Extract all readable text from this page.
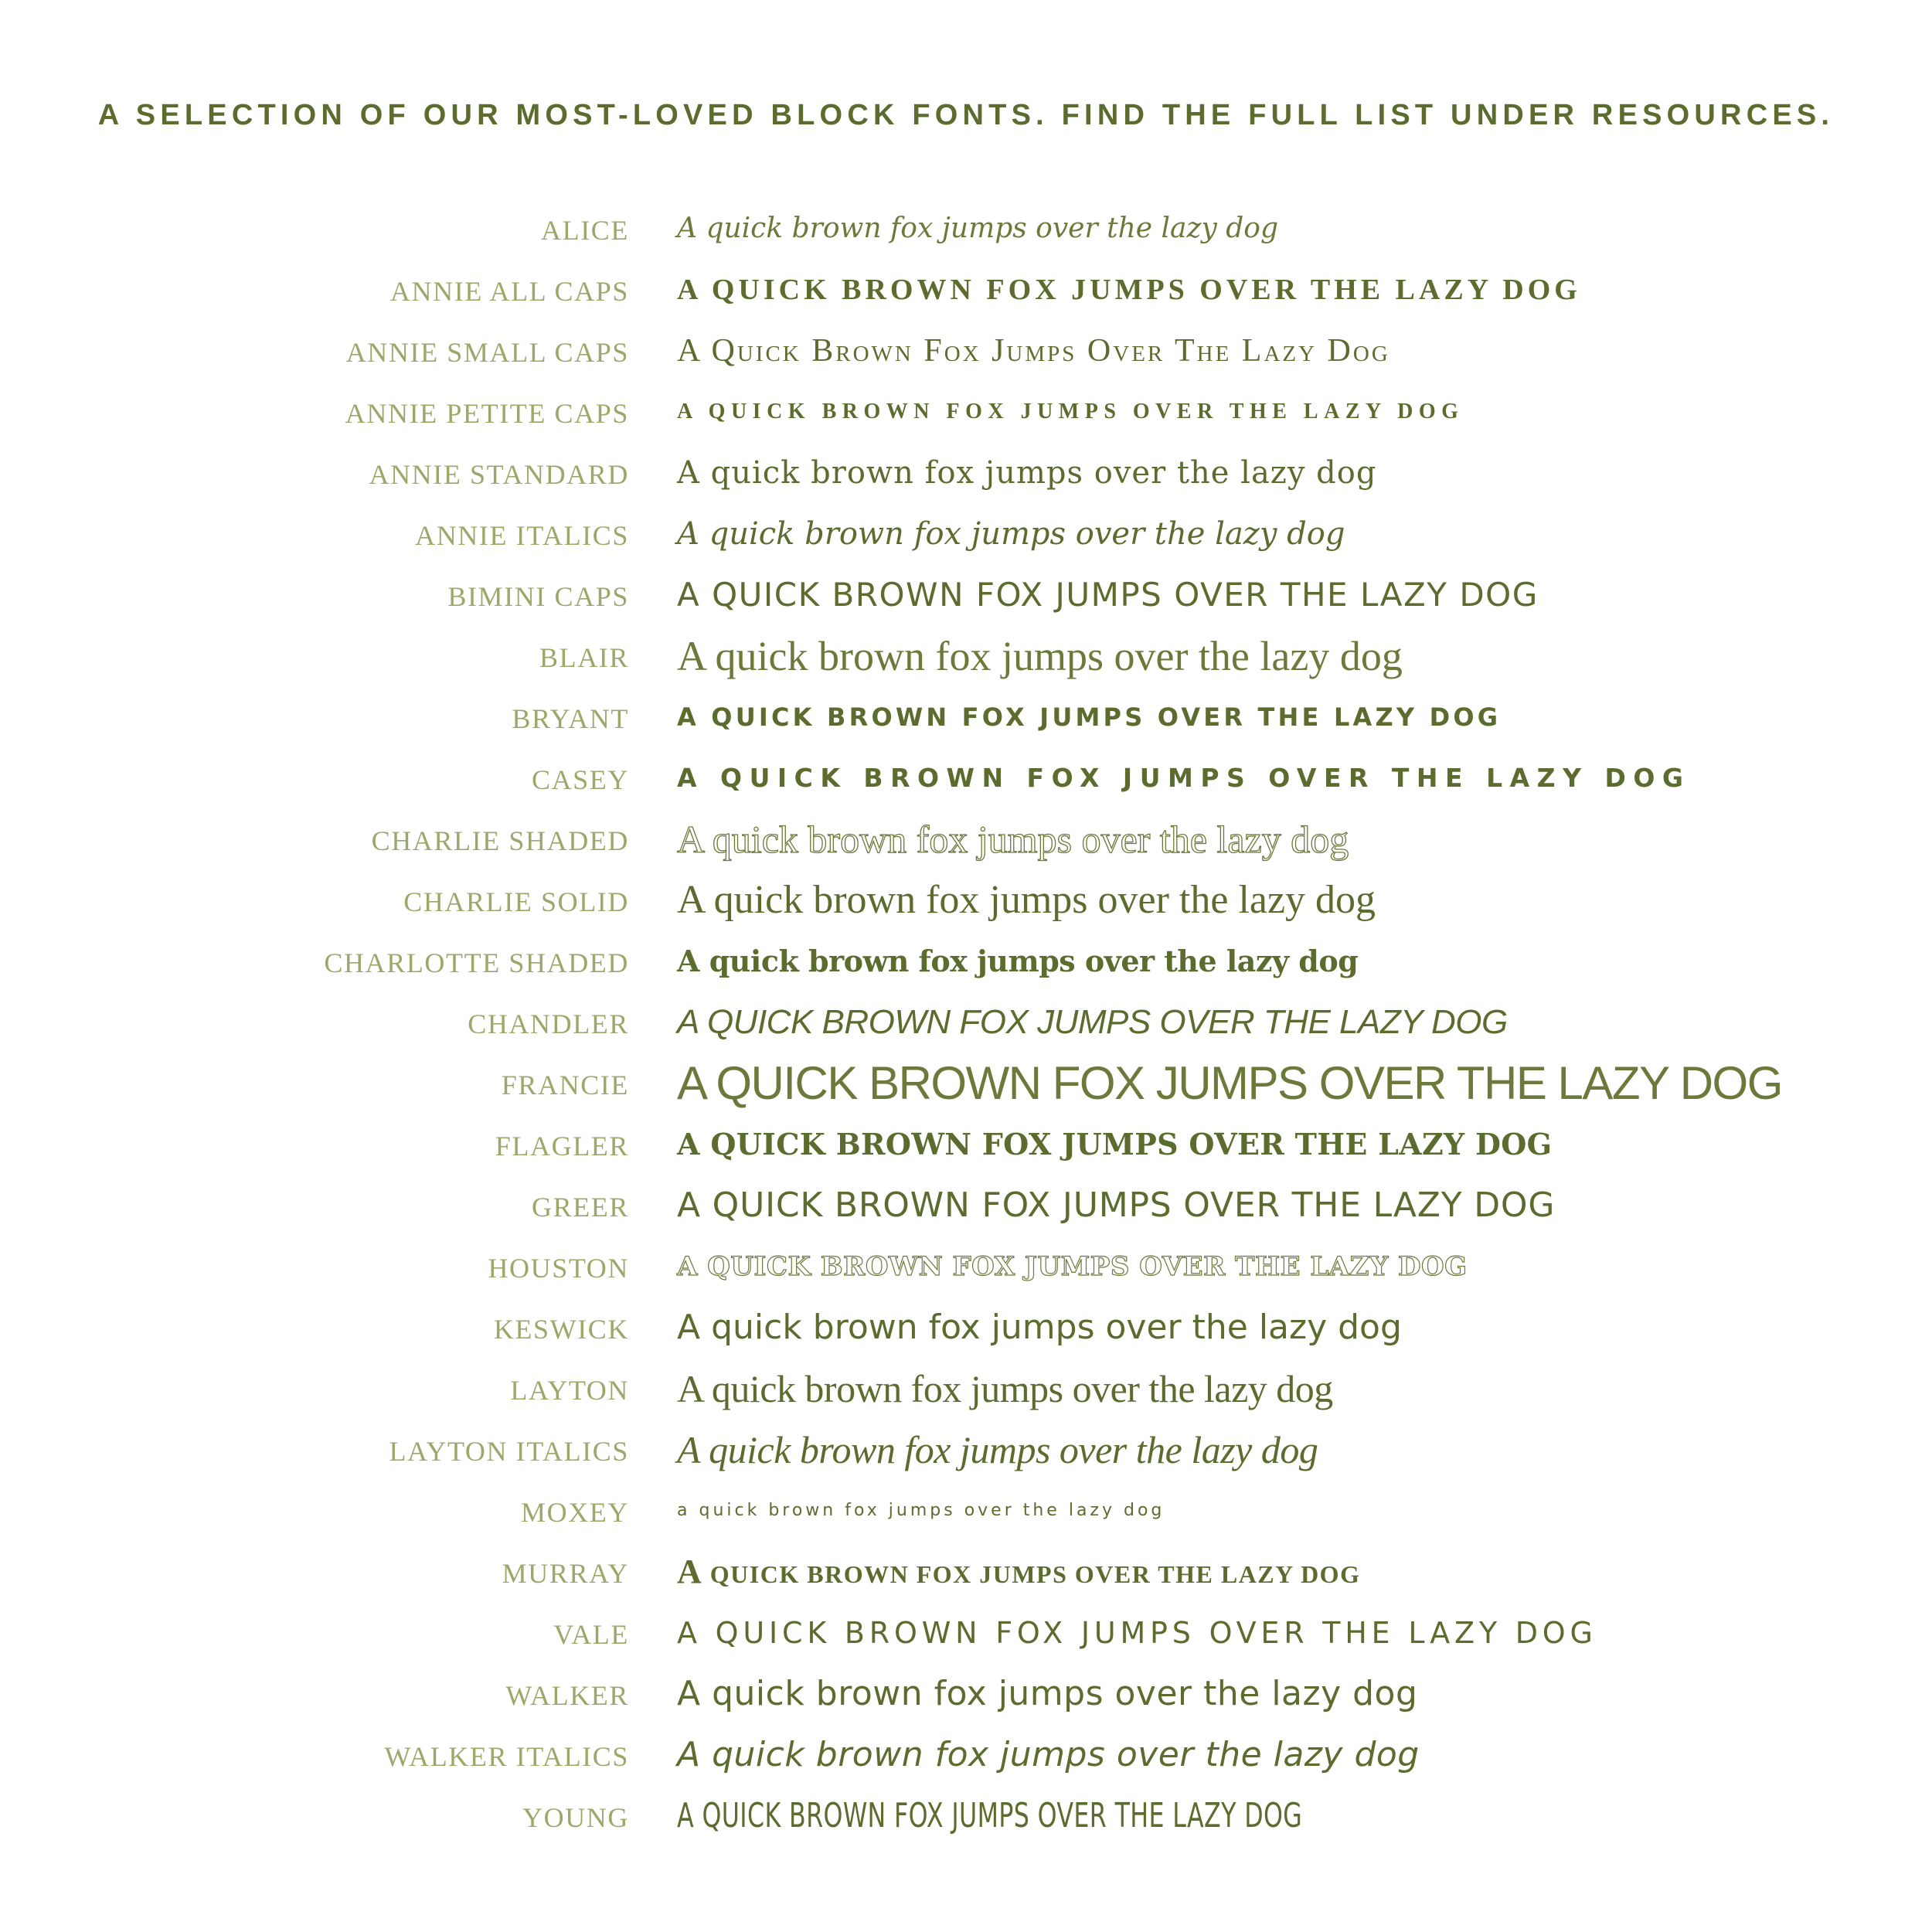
A SELECTION OF OUR MOST-LOVED BLOCK FONTS. FIND THE FULL LIST UNDER RESOURCES.
ALICE A quick brown fox jumps over the lazy dog
ANNIE ALL CAPS A QUICK BROWN FOX JUMPS OVER THE LAZY DOG
ANNIE SMALL CAPS A Quick Brown Fox Jumps Over The Lazy Dog
ANNIE PETITE CAPS A QUICK BROWN FOX JUMPS OVER THE LAZY DOG
ANNIE STANDARD A quick brown fox jumps over the lazy dog
ANNIE ITALICS A quick brown fox jumps over the lazy dog
BIMINI CAPS A QUICK BROWN FOX JUMPS OVER THE LAZY DOG
BLAIR A quick brown fox jumps over the lazy dog
BRYANT A QUICK BROWN FOX JUMPS OVER THE LAZY DOG
CASEY A QUICK BROWN FOX JUMPS OVER THE LAZY DOG
CHARLIE SHADED A quick brown fox jumps over the lazy dog
CHARLIE SOLID A quick brown fox jumps over the lazy dog
CHARLOTTE SHADED A quick brown fox jumps over the lazy dog
CHANDLER A QUICK BROWN FOX JUMPS OVER THE LAZY DOG
FRANCIE A QUICK BROWN FOX JUMPS OVER THE LAZY DOG
FLAGLER A QUICK BROWN FOX JUMPS OVER THE LAZY DOG
GREER A QUICK BROWN FOX JUMPS OVER THE LAZY DOG
HOUSTON A QUICK BROWN FOX JUMPS OVER THE LAZY DOG
KESWICK A quick brown fox jumps over the lazy dog
LAYTON A quick brown fox jumps over the lazy dog
LAYTON ITALICS A quick brown fox jumps over the lazy dog
MOXEY	a quick brown fox jumps over the lazy dog
MURRAY A QUICK BROWN FOX JUMPS OVER THE LAZY DOG
VALE A QUICK BROWN FOX JUMPS OVER THE LAZY DOG
WALKER A quick brown fox jumps over the lazy dog
WALKER ITALICS A quick brown fox jumps over the lazy dog
YOUNG A QUICK BROWN FOX JUMPS OVER THE LAZY DOG
